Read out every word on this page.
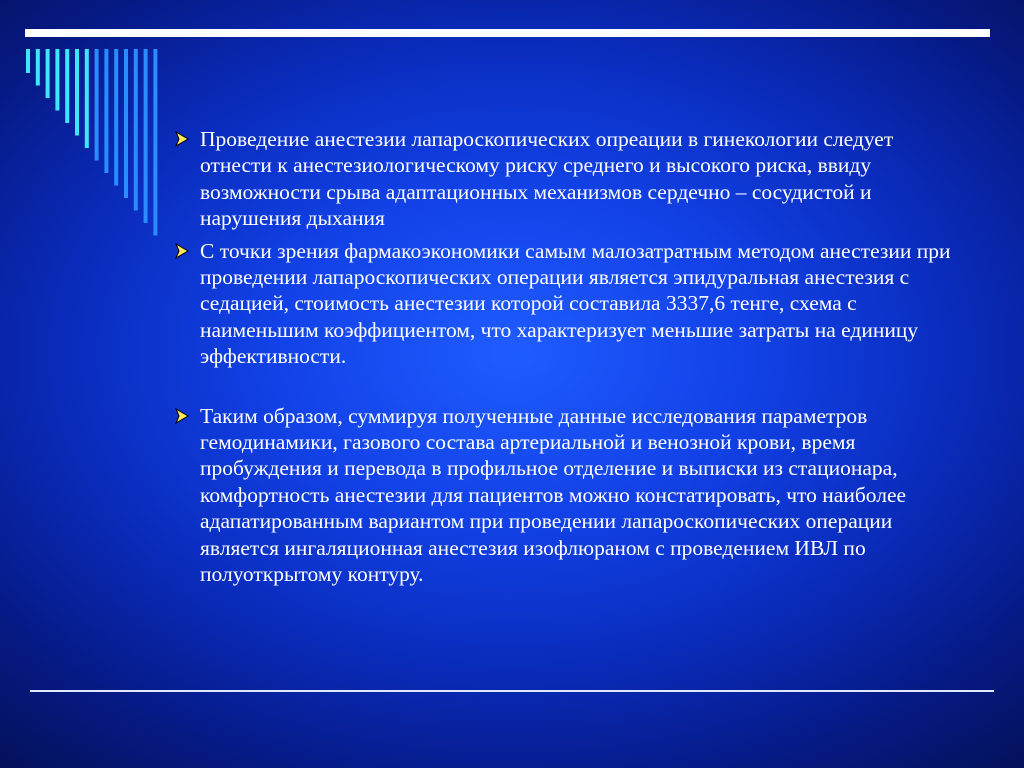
Проведение анестезии лапароскопических опреации в гинекологии следует отнести к анестезиологическому риску среднего и высокого риска, ввиду возможности срыва адаптационных механизмов сердечно – сосудистой и нарушения дыхания

С точки зрения фармакоэкономики самым малозатратным методом анестезии при проведении лапароскопических операции является эпидуральная анестезия с седацией, стоимость анестезии которой составила 3337,6 тенге, схема с наименьшим коэффициентом, что характеризует меньшие затраты на единицу эффективности.

Таким образом, суммируя полученные данные исследования параметров гемодинамики, газового состава артериальной и венозной крови, время пробуждения и перевода в профильное отделение и выписки из стационара, комфортность анестезии для пациентов можно констатировать, что наиболее адапатированным вариантом при проведении лапароскопических операции является ингаляционная анестезия изофлюраном с проведением ИВЛ по полуоткрытому контуру.
